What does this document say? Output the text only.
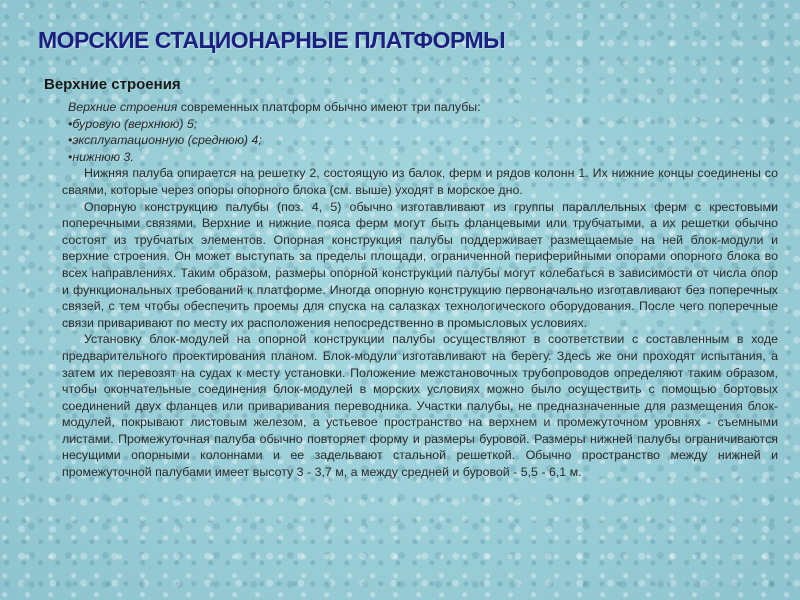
МОРСКИЕ СТАЦИОНАРНЫЕ ПЛАТФОРМЫ
Верхние строения

Верхние строения современных платформ обычно имеют три палубы:

•буровую (верхнюю) 5;

•эксплуатационную (среднюю) 4;

•нижнюю 3.

Нижняя палуба опирается на решетку 2, состоящую из балок, ферм и рядов колонн 1. Их нижние концы соединены со сваями, которые через опоры опорного блока (см. выше) уходят в морское дно.

Опорную конструкцию палубы (поз. 4, 5) обычно изготавливают из группы параллельных ферм с крестовыми поперечными связями. Верхние и нижние пояса ферм могут быть фланцевыми или трубчатыми, а их решетки обычно состоят из трубчатых элементов. Опорная конструкция палубы поддерживает размещаемые на ней блок-модули и верхние строения. Он может выступать за пределы площади, ограниченной периферийными опорами опорного блока во всех направлениях. Таким образом, размеры опорной конструкции палубы могут колебаться в зависимости от числа опор и функциональных требований к платформе. Иногда опорную конструкцию первоначально изготавливают без поперечных связей, с тем чтобы обеспечить проемы для спуска на салазках технологического оборудования. После чего поперечные связи приваривают по месту их расположения непосредственно в промысловых условиях.

Установку блок-модулей на опорной конструкции палубы осуществляют в соответствии с составленным в ходе предварительного проектирования планом. Блок-модули изготавливают на берегу. Здесь же они проходят испытания, а затем их перевозят на судах к месту установки. Положение межстановочных трубопроводов определяют таким образом, чтобы окончательные соединения блок-модулей в морских условиях можно было осуществить с помощью бортовых соединений двух фланцев или приваривания переводника. Участки палубы, не предназначенные для размещения блок-модулей, покрывают листовым железом, а устьевое пространство на верхнем и промежуточном уровнях - съемными листами. Промежуточная палуба обычно повторяет форму и размеры буровой. Размеры нижней палубы ограничиваются несущими опорными колоннами и ее задельвают стальной решеткой. Обычно пространство между нижней и промежуточной палубами имеет высоту 3 - 3,7 м, а между средней и буровой - 5,5 - 6,1 м.
